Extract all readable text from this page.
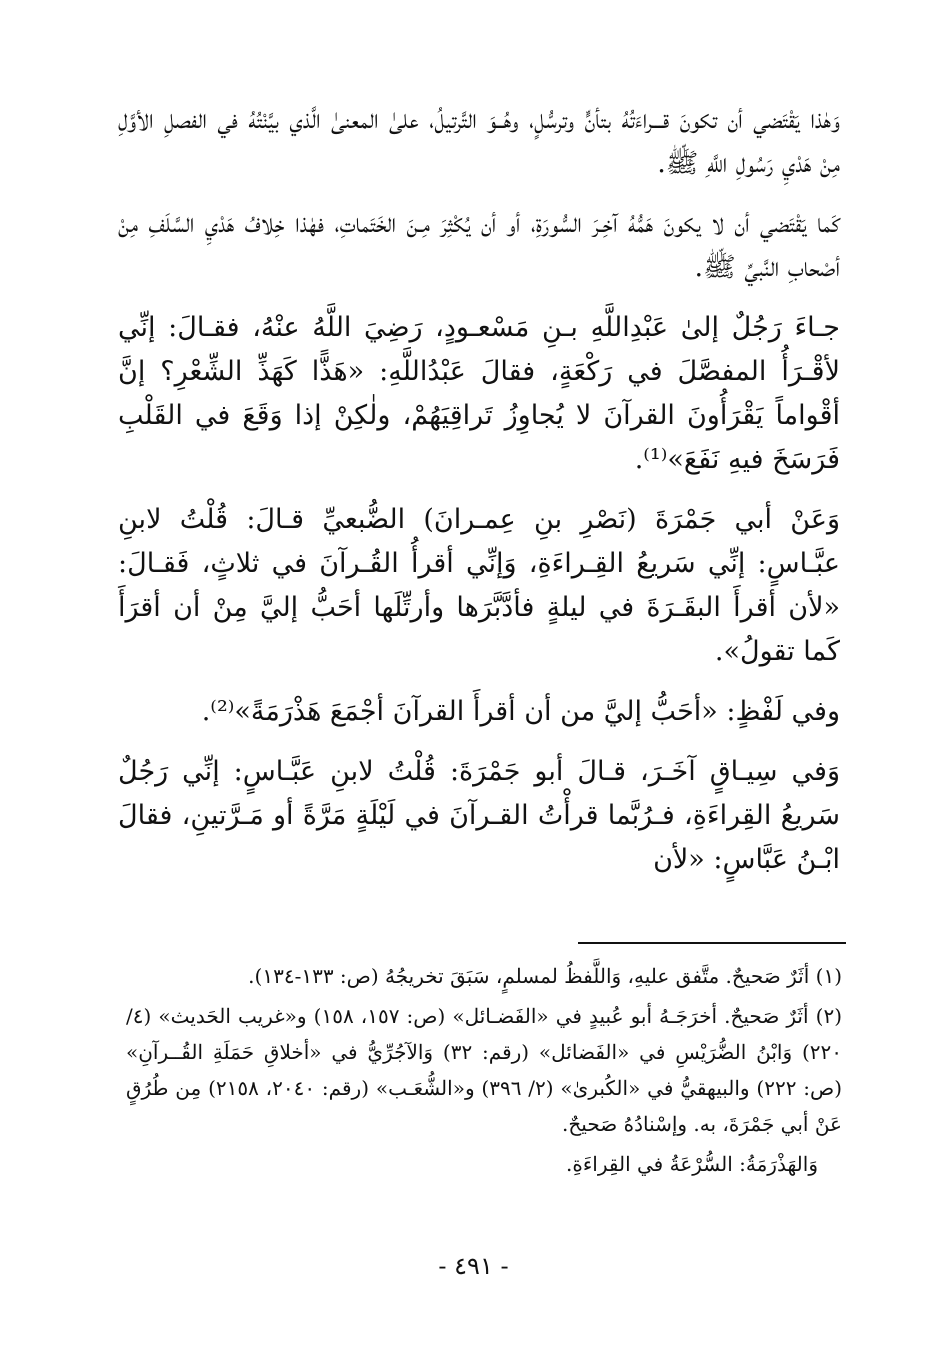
وَهٰذا يَقْتَضي أن تكونَ قـــراءَتُهُ بتأنٍّ وترسُّلٍ، وهُــوَ التَّرتيلُ، علىٰ المعنىٰ الَّذي بيَّنْتُهُ في الفصلِ الأوَّلِ مِنْ هَدْيِ رَسُولِ اللَّهِ ﷺ.

كَما يَقْتَضي أن لا يكونَ هَمُّهُ آخِـرَ السُّورَةِ، أو أن يُكْثِرَ مِـنَ الخَتَماتِ، فهٰذا خِلافُ هَدْيِ السَّلَفِ مِنْ أصْحابِ النَّبيِّ ﷺ.

جـاءَ رَجُلٌ إلىٰ عَبْدِاللَّهِ بـنِ مَسْعـودٍ، رَضِيَ اللَّهُ عنْهُ، فقـالَ: إنِّي لأقْـرَأُ المفصَّلَ في رَكْعَةٍ، فقالَ عَبْدُاللَّهِ: «هَذًّا كَهَذِّ الشِّعْرِ؟ إنَّ أقْواماً يَقْرَأُونَ القرآنَ لا يُجاوِزُ تَراقِيَهُمْ، ولٰكِنْ إذا وَقَعَ في القَلْبِ فَرَسَخَ فيهِ نَفَعَ»⁽¹⁾.

وَعَنْ أبي جَمْرَةَ (نَصْرِ بنِ عِمـرانَ) الضُّبعيِّ قـالَ: قُلْتُ لابنِ عبَّـاسٍ: إنِّي سَريعُ القِـراءَةِ، وَإنِّي أقرأُ القُـرآنَ في ثلاثٍ، فَقـالَ: «لأن أقرأَ البقَـرَةَ في ليلةٍ فأدَّبَّرَها وأرتِّلَها أحَبُّ إليَّ مِنْ أن أقرَأَ كَما تقولُ».

وفي لَفْظٍ: «أحَبُّ إليَّ من أن أقرأَ القرآنَ أجْمَعَ هَذْرَمَةً»⁽²⁾.

وَفي سِيـاقٍ آخَـرَ، قـالَ أبو جَمْرَةَ: قُلْتُ لابنِ عَبَّـاسٍ: إنِّي رَجُلٌ سَريعُ القِراءَةِ، فـرُبَّما قرأْتُ القـرآنَ في لَيْلَةٍ مَرَّةً أو مَـرَّتينِ، فقالَ ابْـنُ عَبَّاسٍ: «لأن

(١) أثَرٌ صَحيحٌ. متَّفق عليهِ، وَاللَّفظُ لمسلمٍ، سَبَقَ تخريجُهُ (ص: ١٣٣-١٣٤).

(٢) أثَرٌ صَحيحٌ. أخرَجَـهُ أبو عُبيدٍ في «الفَضـائل» (ص: ١٥٧، ١٥٨) و«غريب الحَديث» (٤/ ٢٢٠) وَابْنُ الضُّرَيْسِ في «الفَضائل» (رقم: ٣٢) وَالآجُرِّيُّ في «أخلاقِ حَمَلَةِ القُــرآنِ» (ص: ٢٢٢) والبيهقيُّ في «الكُبرىٰ» (٢/ ٣٩٦) و«الشُّعَـب» (رقم: ٢٠٤٠، ٢١٥٨) مِن طُرُقٍ عَنْ أبي جَمْرَةَ، به. وإسْنادُهُ صَحيحٌ.

وَالهَذْرَمَةُ: السُّرْعَةُ في القِراءَةِ.

- ٤٩١ -
